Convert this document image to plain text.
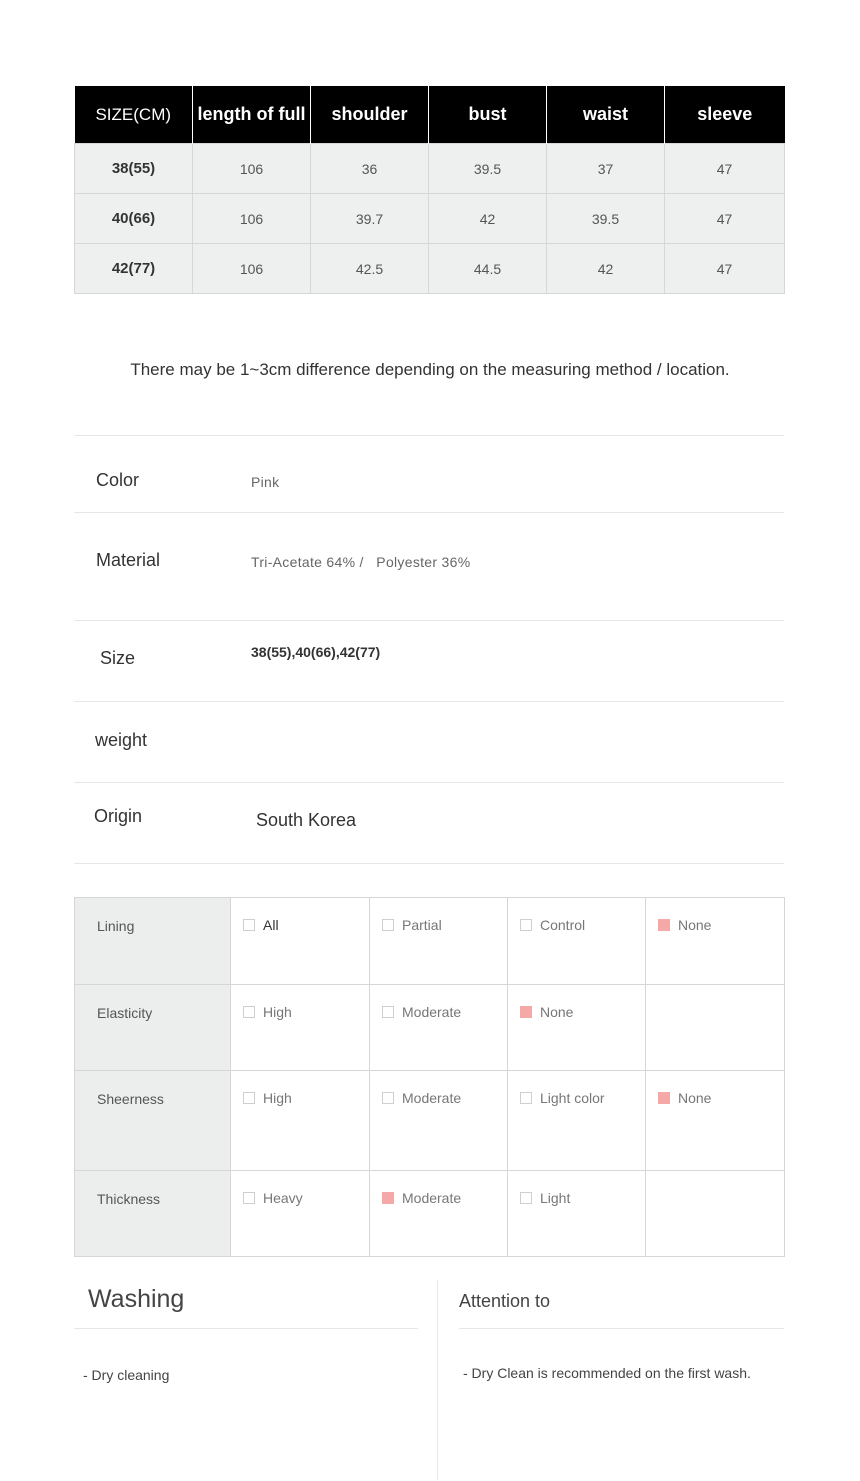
SIZE(CM)	length of full	shoulder	bust	waist	sleeve
38(55)	106	36	39.5	37	47
40(66)	106	39.7	42	39.5	47
42(77)	106	42.5	44.5	42	47
There may be 1~3cm difference depending on the measuring method / location.
Color	Pink
Material	Tri-Acetate 64% /   Polyester 36%
Size	38(55),40(66),42(77)
weight
Origin	South Korea
Lining	All	Partial	Control	None

Elasticity	High	Moderate	None	

Sheerness	High	Moderate	Light color	None

Thickness	Heavy	Moderate	Light	

Washing
- Dry cleaning
Attention to
- Dry Clean is recommended on the first wash.
